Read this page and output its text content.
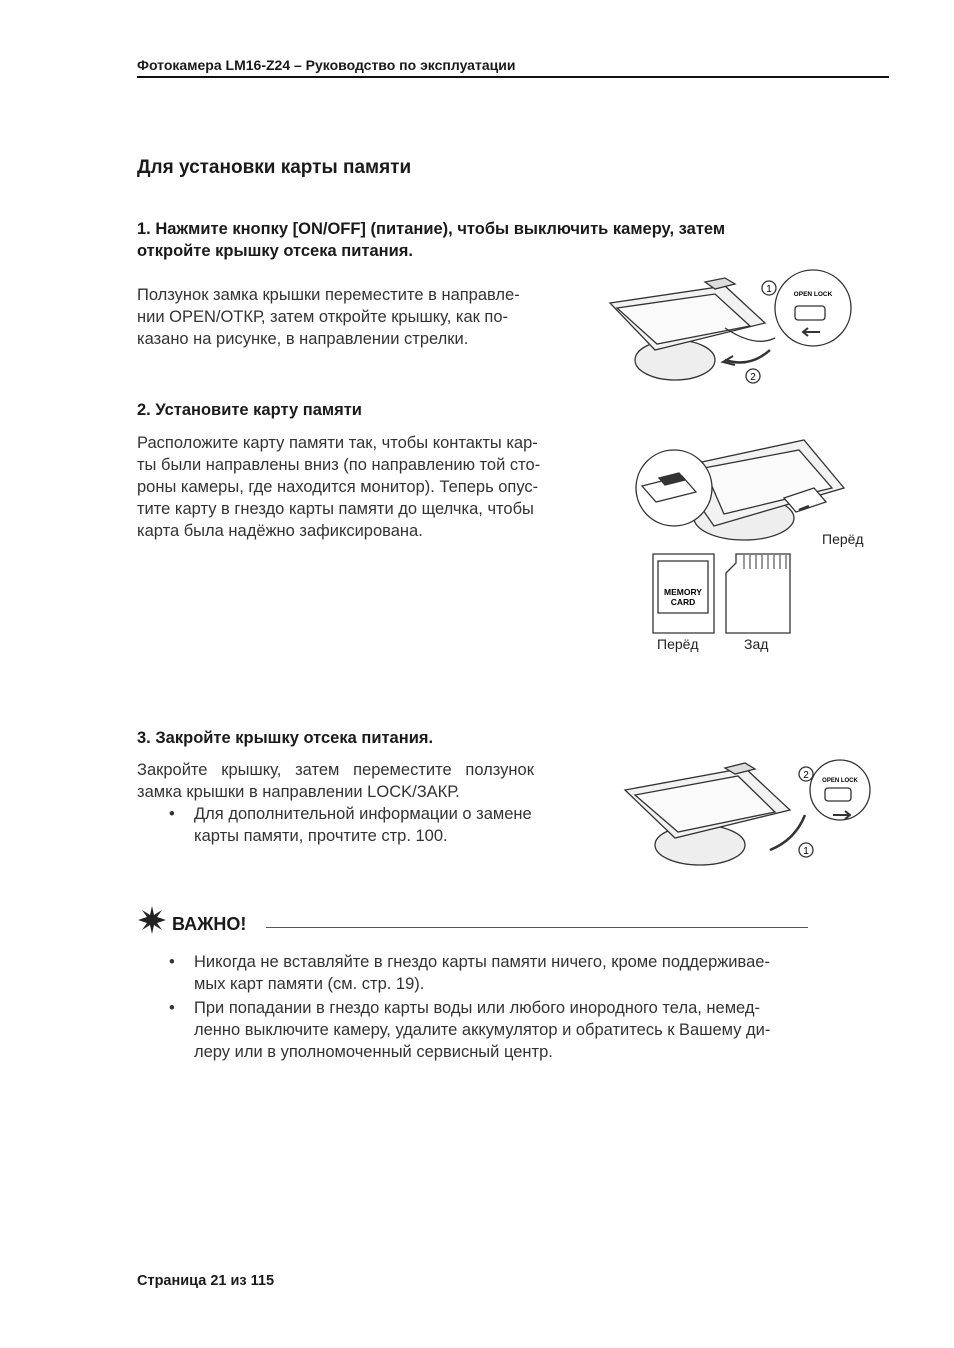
Фотокамера LM16-Z24 – Руководство по эксплуатации
Для установки карты памяти
1. Нажмите кнопку [ON/OFF] (питание), чтобы выключить камеру, затем
откройте крышку отсека питания.
Ползунок замка крышки переместите в направле-
нии OPEN/ОТКР, затем откройте крышку, как по-
казано на рисунке, в направлении стрелки.
1
2
OPEN LOCK
2. Установите карту памяти
Расположите карту памяти так, чтобы контакты кар-
ты были направлены вниз (по направлению той сто-
роны камеры, где находится монитор). Теперь опус-
тите карту в гнездо карты памяти до щелчка, чтобы
карта была надёжно зафиксирована.	Перёд
MEMORY
CARD
Перёд	Зад
3. Закройте крышку отсека питания.
Закройте   крышку,   затем   переместите   ползунок
замка крышки в направлении LOCK/ЗАКР.
•	Для дополнительной информации о замене
карты памяти, прочтите стр. 100.
2
1
OPEN LOCK
ВАЖНО!
•	Никогда не вставляйте в гнездо карты памяти ничего, кроме поддерживае-
мых карт памяти (см. стр. 19).
•	При попадании в гнездо карты воды или любого инородного тела, немед-
ленно выключите камеру, удалите аккумулятор и обратитесь к Вашему ди-
леру или в уполномоченный сервисный центр.
Страница 21 из 115
